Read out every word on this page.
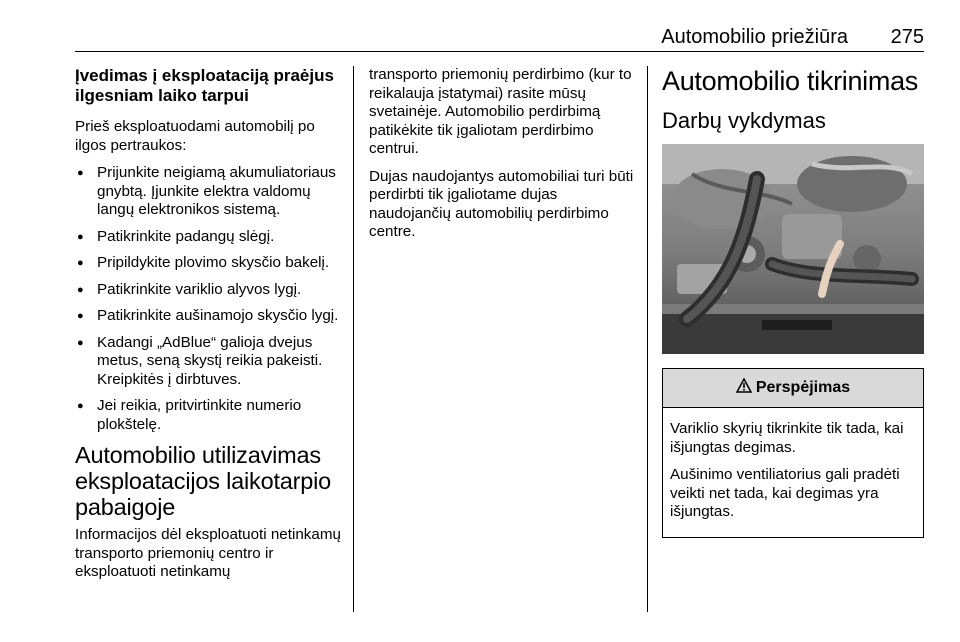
Automobilio priežiūra 275
Įvedimas į eksploataciją praėjus ilgesniam laiko tarpui

Prieš eksploatuodami automobilį po ilgos pertraukos:

● Prijunkite neigiamą akumuliatoriaus gnybtą. Įjunkite elektra valdomų langų elektronikos sistemą.
● Patikrinkite padangų slėgį.
● Pripildykite plovimo skysčio bakelį.
● Patikrinkite variklio alyvos lygį.
● Patikrinkite aušinamojo skysčio lygį.
● Kadangi „AdBlue“ galioja dvejus metus, seną skystį reikia pakeisti. Kreipkitės į dirbtuves.
● Jei reikia, pritvirtinkite numerio plokštelę.
Automobilio utilizavimas eksploatacijos laikotarpio pabaigoje

Informacijos dėl eksploatuoti netinkamų transporto priemonių centro ir eksploatuoti netinkamų

transporto priemonių perdirbimo (kur to reikalauja įstatymai) rasite mūsų svetainėje. Automobilio perdirbimą patikėkite tik įgaliotam perdirbimo centrui.

Dujas naudojantys automobiliai turi būti perdirbti tik įgaliotame dujas naudojančių automobilių perdirbimo centre.

Automobilio tikrinimas
Darbų vykdymas
Perspėjimas

Variklio skyrių tikrinkite tik tada, kai išjungtas degimas.

Aušinimo ventiliatorius gali pradėti veikti net tada, kai degimas yra išjungtas.
